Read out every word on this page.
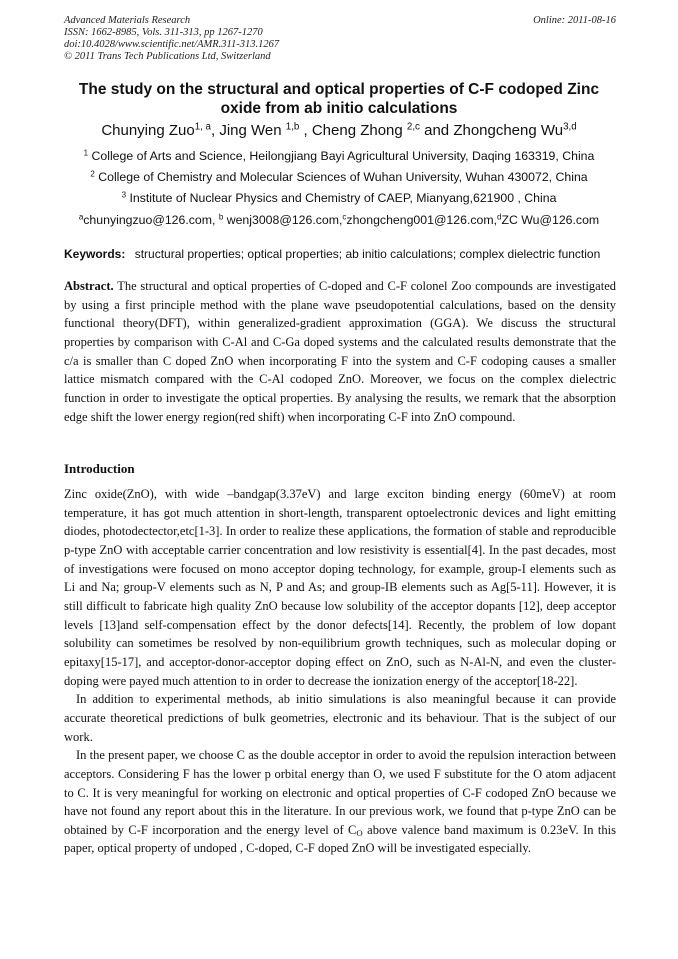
Advanced Materials Research
ISSN: 1662-8985, Vols. 311-313, pp 1267-1270
doi:10.4028/www.scientific.net/AMR.311-313.1267
© 2011 Trans Tech Publications Ltd, Switzerland
Online: 2011-08-16
The study on the structural and optical properties of C-F codoped Zinc oxide from ab initio calculations
Chunying Zuo$^{1, a}$, Jing Wen $^{1,b}$ , Cheng Zhong $^{2,c}$ and Zhongcheng Wu$^{3,d}$
$^1$ College of Arts and Science, Heilongjiang Bayi Agricultural University, Daqing 163319, China
$^2$ College of Chemistry and Molecular Sciences of Wuhan University, Wuhan 430072, China
$^3$ Institute of Nuclear Physics and Chemistry of CAEP, Mianyang,621900 , China
$^a$chunyingzuo@126.com, $^b$ wenj3008@126.com,$^c$zhongcheng001@126.com,$^d$ZC Wu@126.com
Keywords: structural properties; optical properties; ab initio calculations; complex dielectric function
Abstract. The structural and optical properties of C-doped and C-F colonel Zoo compounds are investigated by using a first principle method with the plane wave pseudopotential calculations, based on the density functional theory(DFT), within generalized-gradient approximation (GGA). We discuss the structural properties by comparison with C-Al and C-Ga doped systems and the calculated results demonstrate that the c/a is smaller than C doped ZnO when incorporating F into the system and C-F codoping causes a smaller lattice mismatch compared with the C-Al codoped ZnO. Moreover, we focus on the complex dielectric function in order to investigate the optical properties. By analysing the results, we remark that the absorption edge shift the lower energy region(red shift) when incorporating C-F into ZnO compound.
Introduction

Zinc oxide(ZnO), with wide –bandgap(3.37eV) and large exciton binding energy (60meV) at room temperature, it has got much attention in short-length, transparent optoelectronic devices and light emitting diodes, photodectector,etc[1-3]. In order to realize these applications, the formation of stable and reproducible p-type ZnO with acceptable carrier concentration and low resistivity is essential[4]. In the past decades, most of investigations were focused on mono acceptor doping technology, for example, group-I elements such as Li and Na; group-V elements such as N, P and As; and group-IB elements such as Ag[5-11]. However, it is still difficult to fabricate high quality ZnO because low solubility of the acceptor dopants [12], deep acceptor levels [13]and self-compensation effect by the donor defects[14]. Recently, the problem of low dopant solubility can sometimes be resolved by non-equilibrium growth techniques, such as molecular doping or epitaxy[15-17], and acceptor-donor-acceptor doping effect on ZnO, such as N-Al-N, and even the cluster-doping were payed much attention to in order to decrease the ionization energy of the acceptor[18-22].

In addition to experimental methods, ab initio simulations is also meaningful because it can provide accurate theoretical predictions of bulk geometries, electronic and its behaviour. That is the subject of our work.

In the present paper, we choose C as the double acceptor in order to avoid the repulsion interaction between acceptors. Considering F has the lower p orbital energy than O, we used F substitute for the O atom adjacent to C. It is very meaningful for working on electronic and optical properties of C-F codoped ZnO because we have not found any report about this in the literature. In our previous work, we found that p-type ZnO can be obtained by C-F incorporation and the energy level of $C_O$ above valence band maximum is 0.23eV. In this paper, optical property of undoped , C-doped, C-F doped ZnO will be investigated especially.
